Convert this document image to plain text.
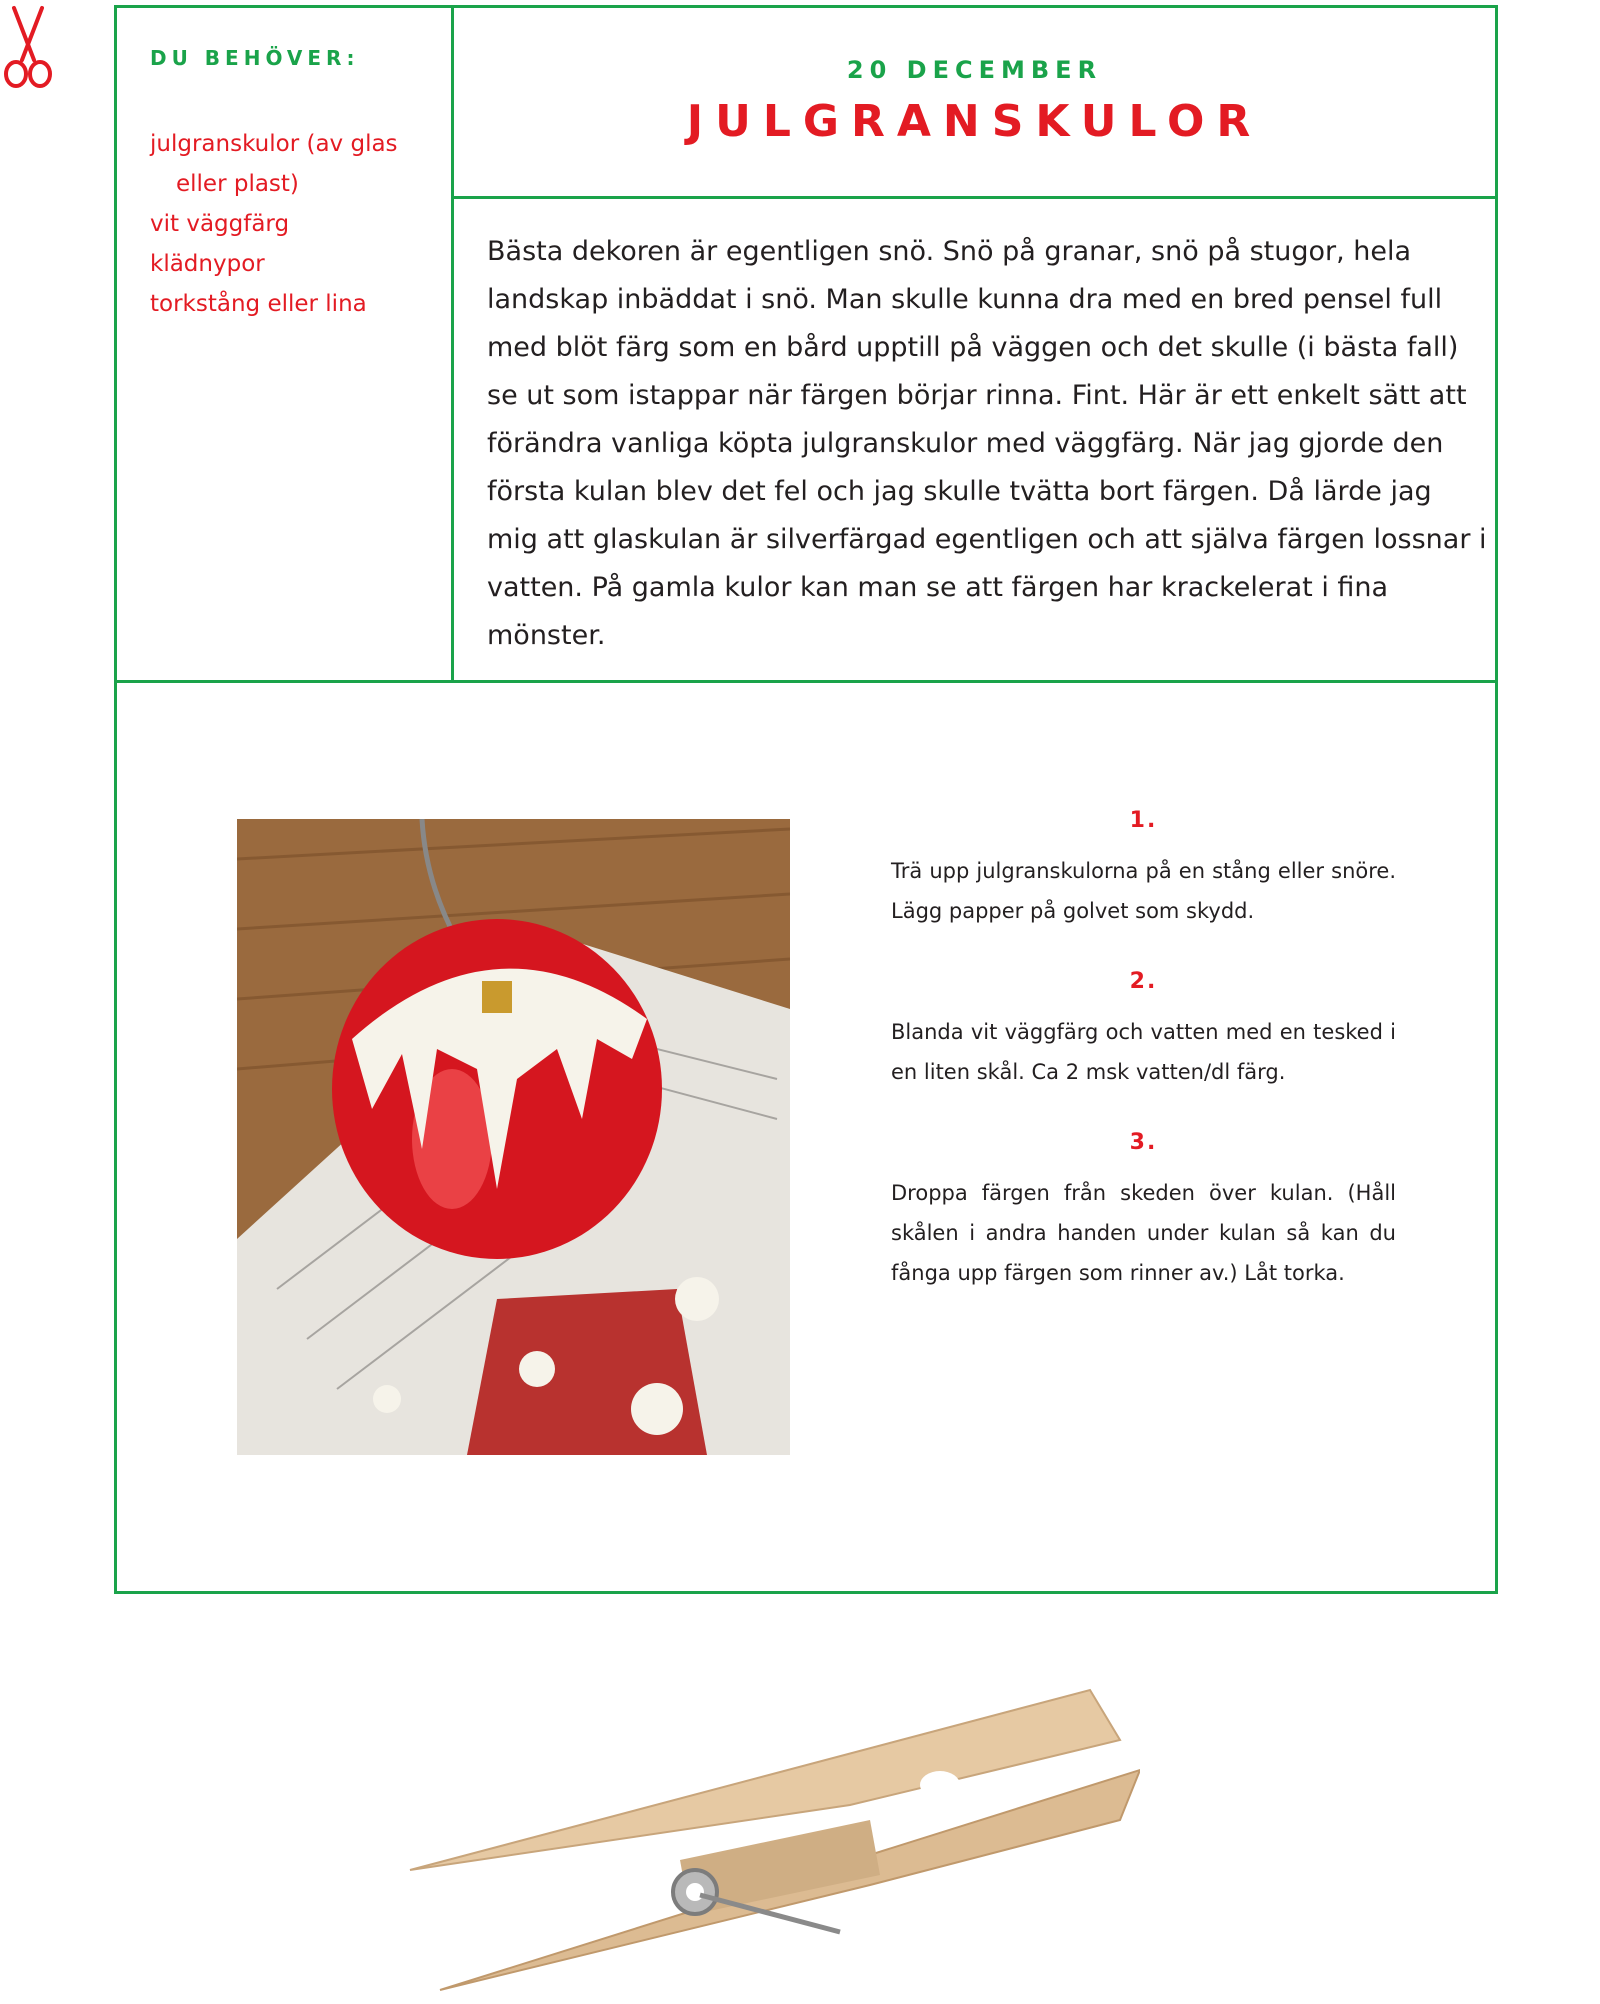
DU BEHÖVER:
julgranskulor (av glas eller plast)
vit väggfärg
klädnypor
torkstång eller lina
20 DECEMBER
JULGRANSKULOR

Bästa dekoren är egentligen snö. Snö på granar, snö på stugor, hela landskap inbäddat i snö. Man skulle kunna dra med en bred pensel full med blöt färg som en bård upptill på väggen och det skulle (i bästa fall) se ut som istappar när färgen börjar rinna. Fint. Här är ett enkelt sätt att förändra vanliga köpta julgranskulor med väggfärg. När jag gjorde den första kulan blev det fel och jag skulle tvätta bort färgen. Då lärde jag mig att glaskulan är silverfärgad egentligen och att själva färgen lossnar i vatten. På gamla kulor kan man se att färgen har krackelerat i fina mönster.

1.

Trä upp julgranskulorna på en stång eller snöre. Lägg papper på golvet som skydd.

2.

Blanda vit väggfärg och vatten med en tesked i en liten skål. Ca 2 msk vatten/dl färg.

3.

Droppa färgen från skeden över kulan. (Håll skålen i andra handen under kulan så kan du fånga upp färgen som rinner av.) Låt torka.
